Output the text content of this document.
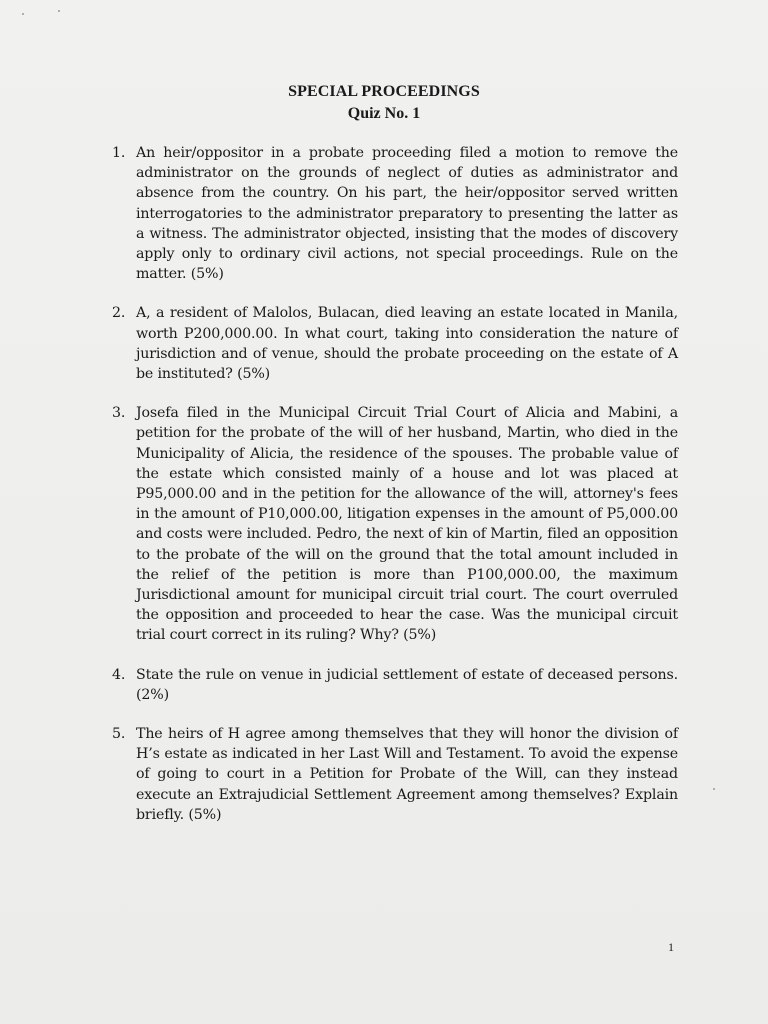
SPECIAL PROCEEDINGS
Quiz No. 1
1. An heir/oppositor in a probate proceeding filed a motion to remove the administrator on the grounds of neglect of duties as administrator and absence from the country. On his part, the heir/oppositor served written interrogatories to the administrator preparatory to presenting the latter as a witness. The administrator objected, insisting that the modes of discovery apply only to ordinary civil actions, not special proceedings. Rule on the matter. (5%)
2. A, a resident of Malolos, Bulacan, died leaving an estate located in Manila, worth P200,000.00. In what court, taking into consideration the nature of jurisdiction and of venue, should the probate proceeding on the estate of A be instituted? (5%)
3. Josefa filed in the Municipal Circuit Trial Court of Alicia and Mabini, a petition for the probate of the will of her husband, Martin, who died in the Municipality of Alicia, the residence of the spouses. The probable value of the estate which consisted mainly of a house and lot was placed at P95,000.00 and in the petition for the allowance of the will, attorney's fees in the amount of P10,000.00, litigation expenses in the amount of P5,000.00 and costs were included. Pedro, the next of kin of Martin, filed an opposition to the probate of the will on the ground that the total amount included in the relief of the petition is more than P100,000.00, the maximum Jurisdictional amount for municipal circuit trial court. The court overruled the opposition and proceeded to hear the case. Was the municipal circuit trial court correct in its ruling? Why? (5%)
4. State the rule on venue in judicial settlement of estate of deceased persons. (2%)
5. The heirs of H agree among themselves that they will honor the division of H’s estate as indicated in her Last Will and Testament. To avoid the expense of going to court in a Petition for Probate of the Will, can they instead execute an Extrajudicial Settlement Agreement among themselves? Explain briefly. (5%)
1
